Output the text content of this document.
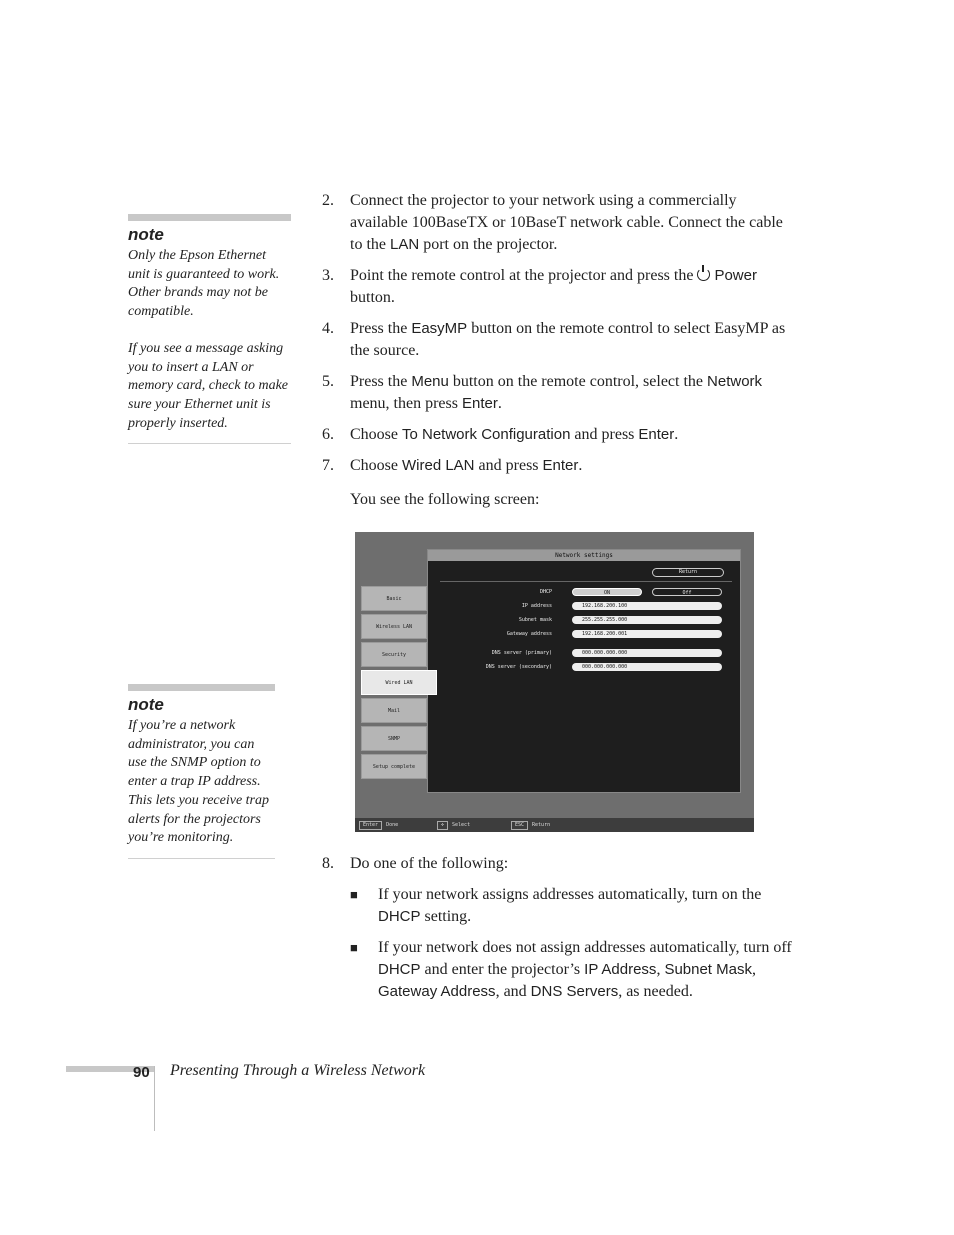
note

Only the Epson Ethernet unit is guaranteed to work. Other brands may not be compatible.

If you see a message asking you to insert a LAN or memory card, check to make sure your Ethernet unit is properly inserted.

note

If you’re a network administrator, you can use the SNMP option to enter a trap IP address. This lets you receive trap alerts for the projectors you’re monitoring.

2.	Connect the projector to your network using a commercially available 100BaseTX or 10BaseT network cable. Connect the cable to the LAN port on the projector.
3.	Point the remote control at the projector and press the Power
button.
4.	Press the EasyMP button on the remote control to select EasyMP as the source.
5.	Press the Menu button on the remote control, select the Network menu, then press Enter.
6.	Choose To Network Configuration and press Enter.
7.	Choose Wired LAN and press Enter.
You see the following screen:
Basic
Wireless LAN
Security
Wired LAN
Mail
SNMP
Setup complete
Network settings
Return
DHCP	ON	Off
IP address	192.168.200.100
Subnet mask	255.255.255.000
Gateway address	192.168.200.001
DNS server (primary)	000.000.000.000
DNS server (secondary)	000.000.000.000
Enter Done	✣ Select	ESC Return
8.	Do one of the following:
■	If your network assigns addresses automatically, turn on the DHCP setting.
■	If your network does not assign addresses automatically, turn off DHCP and enter the projector’s IP Address, Subnet Mask, Gateway Address, and DNS Servers, as needed.
90 Presenting Through a Wireless Network
